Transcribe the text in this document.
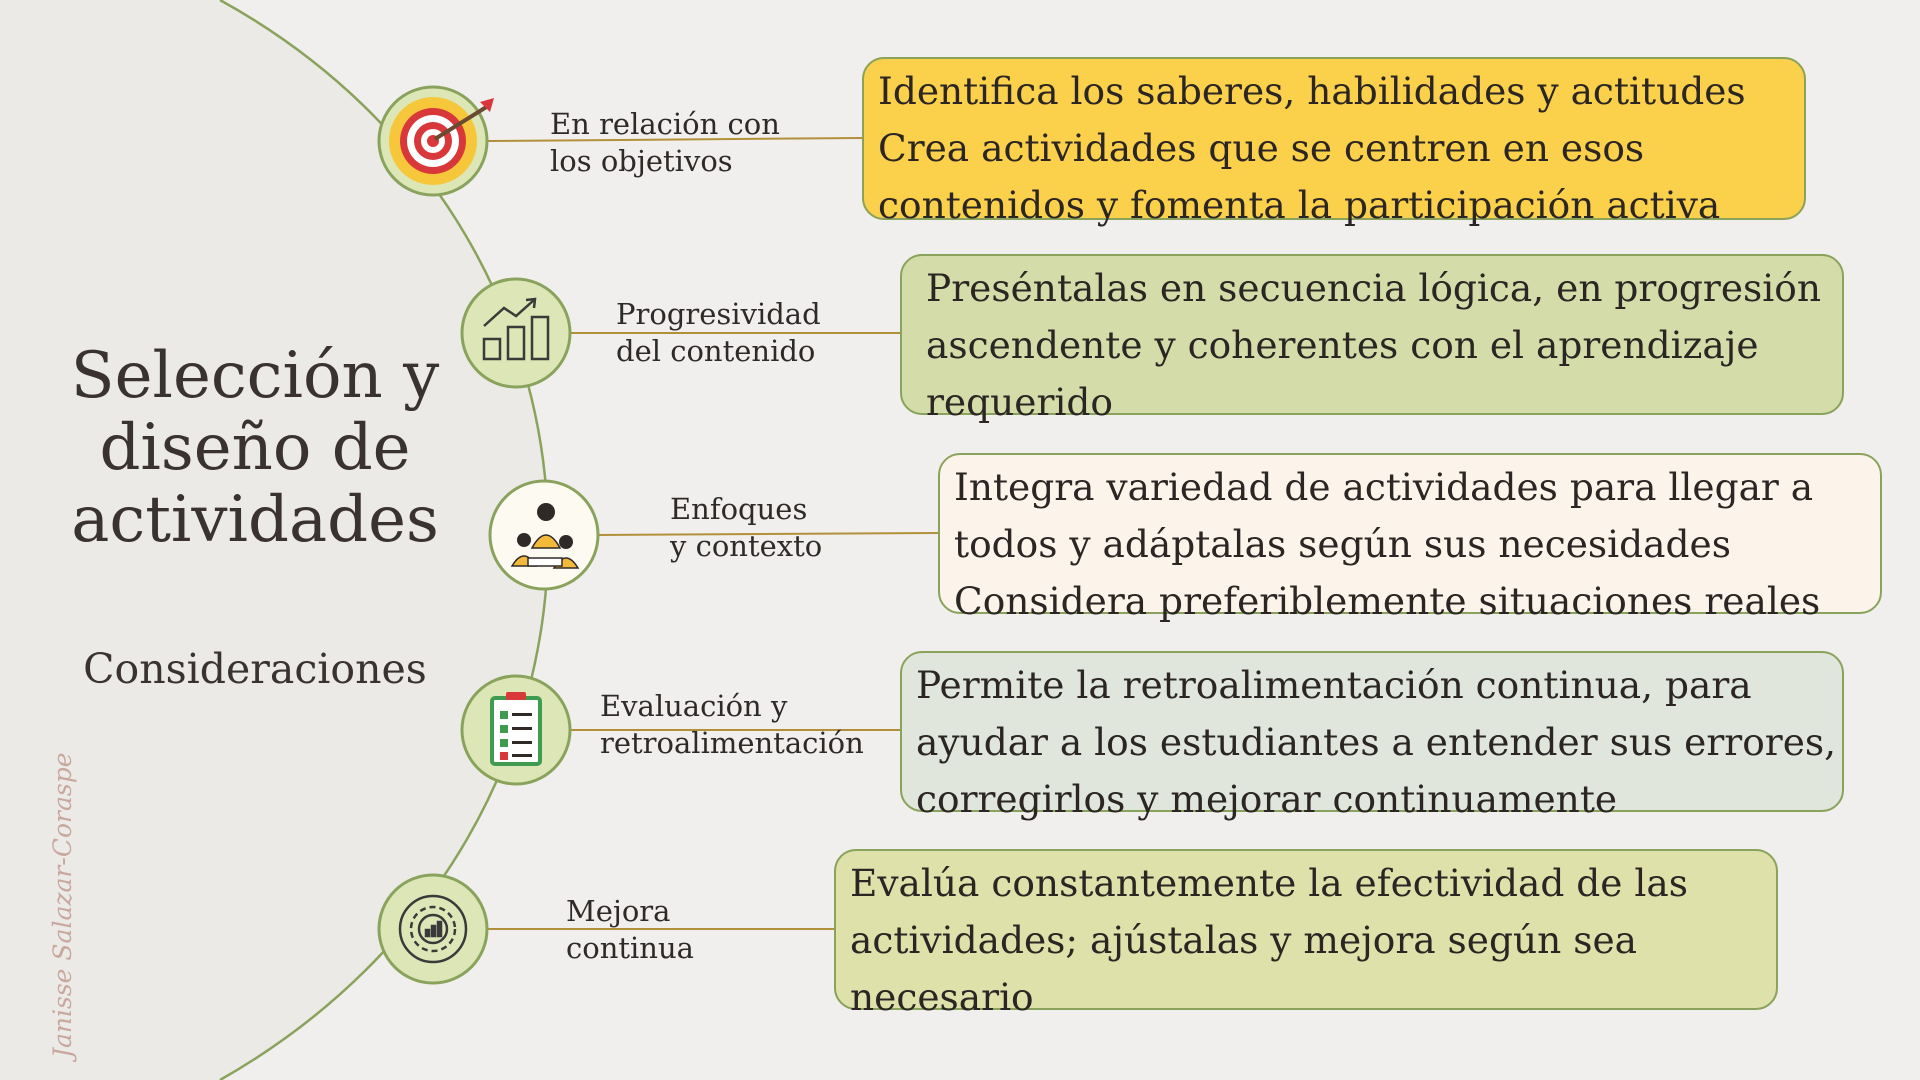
Selección y
diseño de
actividades
Consideraciones
Janisse Salazar-Coraspe
En relación con
los objetivos
Progresividad
del contenido
Enfoques
y contexto
Evaluación y
retroalimentación
Mejora
continua
Identifica los saberes, habilidades y actitudes
Crea actividades que se centren en esos
contenidos y fomenta la participación activa
Preséntalas en secuencia lógica, en progresión
ascendente y coherentes con el aprendizaje
requerido
Integra variedad de actividades para llegar a
todos y adáptalas según sus necesidades
Considera preferiblemente situaciones reales
Permite la retroalimentación continua, para
ayudar a los estudiantes a entender sus errores,
corregirlos y mejorar continuamente
Evalúa constantemente la efectividad de las
actividades; ajústalas y mejora según sea
necesario
